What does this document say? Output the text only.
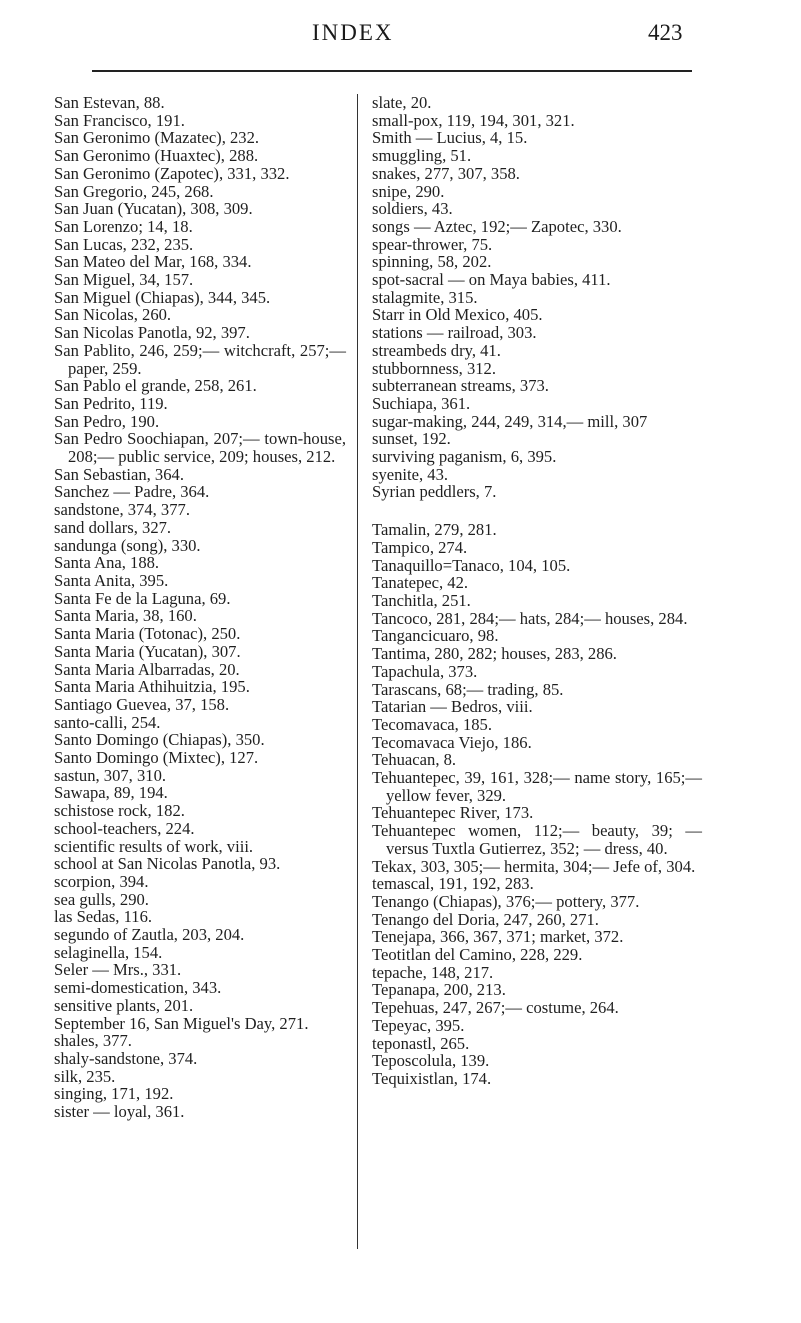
INDEX	423
San Estevan, 88.
San Francisco, 191.
San Geronimo (Mazatec), 232.
San Geronimo (Huaxtec), 288.
San Geronimo (Zapotec), 331, 332.
San Gregorio, 245, 268.
San Juan (Yucatan), 308, 309.
San Lorenzo; 14, 18.
San Lucas, 232, 235.
San Mateo del Mar, 168, 334.
San Miguel, 34, 157.
San Miguel (Chiapas), 344, 345.
San Nicolas, 260.
San Nicolas Panotla, 92, 397.
San Pablito, 246, 259;— witchcraft, 257;— paper, 259.
San Pablo el grande, 258, 261.
San Pedrito, 119.
San Pedro, 190.
San Pedro Soochiapan, 207;— town-house, 208;— public service, 209; houses, 212.
San Sebastian, 364.
Sanchez — Padre, 364.
sandstone, 374, 377.
sand dollars, 327.
sandunga (song), 330.
Santa Ana, 188.
Santa Anita, 395.
Santa Fe de la Laguna, 69.
Santa Maria, 38, 160.
Santa Maria (Totonac), 250.
Santa Maria (Yucatan), 307.
Santa Maria Albarradas, 20.
Santa Maria Athihuitzia, 195.
Santiago Guevea, 37, 158.
santo-calli, 254.
Santo Domingo (Chiapas), 350.
Santo Domingo (Mixtec), 127.
sastun, 307, 310.
Sawapa, 89, 194.
schistose rock, 182.
school-teachers, 224.
scientific results of work, viii.
school at San Nicolas Panotla, 93.
scorpion, 394.
sea gulls, 290.
las Sedas, 116.
segundo of Zautla, 203, 204.
selaginella, 154.
Seler — Mrs., 331.
semi-domestication, 343.
sensitive plants, 201.
September 16, San Miguel's Day, 271.
shales, 377.
shaly-sandstone, 374.
silk, 235.
singing, 171, 192.
sister — loyal, 361.
slate, 20.
small-pox, 119, 194, 301, 321.
Smith — Lucius, 4, 15.
smuggling, 51.
snakes, 277, 307, 358.
snipe, 290.
soldiers, 43.
songs — Aztec, 192;— Zapotec, 330.
spear-thrower, 75.
spinning, 58, 202.
spot-sacral — on Maya babies, 411.
stalagmite, 315.
Starr in Old Mexico, 405.
stations — railroad, 303.
streambeds dry, 41.
stubbornness, 312.
subterranean streams, 373.
Suchiapa, 361.
sugar-making, 244, 249, 314,— mill, 307
sunset, 192.
surviving paganism, 6, 395.
syenite, 43.
Syrian peddlers, 7.
Tamalin, 279, 281.
Tampico, 274.
Tanaquillo=Tanaco, 104, 105.
Tanatepec, 42.
Tanchitla, 251.
Tancoco, 281, 284;— hats, 284;— houses, 284.
Tangancicuaro, 98.
Tantima, 280, 282; houses, 283, 286.
Tapachula, 373.
Tarascans, 68;— trading, 85.
Tatarian — Bedros, viii.
Tecomavaca, 185.
Tecomavaca Viejo, 186.
Tehuacan, 8.
Tehuantepec, 39, 161, 328;— name story, 165;— yellow fever, 329.
Tehuantepec River, 173.
Tehuantepec women, 112;— beauty, 39; — versus Tuxtla Gutierrez, 352; — dress, 40.
Tekax, 303, 305;— hermita, 304;— Jefe of, 304.
temascal, 191, 192, 283.
Tenango (Chiapas), 376;— pottery, 377.
Tenango del Doria, 247, 260, 271.
Tenejapa, 366, 367, 371; market, 372.
Teotitlan del Camino, 228, 229.
tepache, 148, 217.
Tepanapa, 200, 213.
Tepehuas, 247, 267;— costume, 264.
Tepeyac, 395.
teponastl, 265.
Teposcolula, 139.
Tequixistlan, 174.
